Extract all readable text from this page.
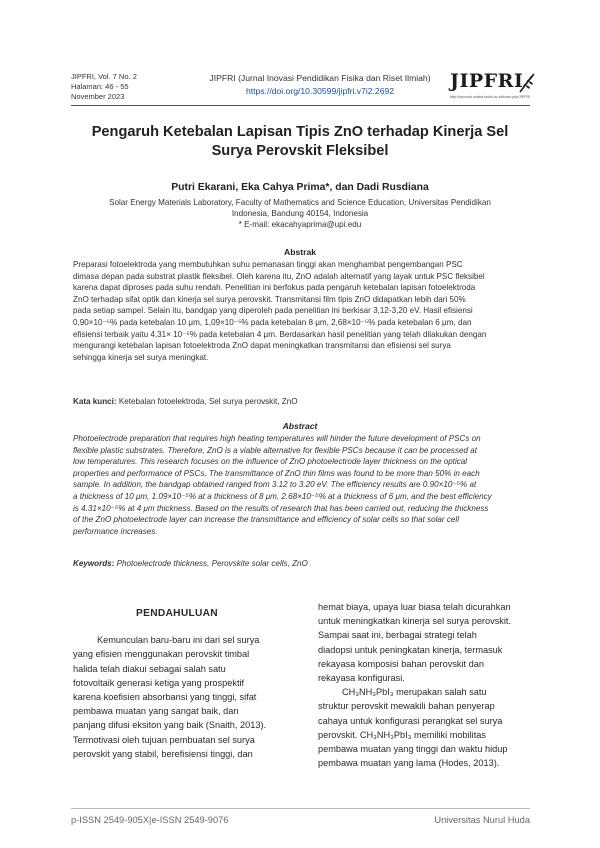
JIPFRI, Vol. 7 No. 2
Halaman: 46 - 55
November 2023
JIPFRI (Jurnal Inovasi Pendidikan Fisika dan Riset Ilmiah)
https://doi.org/10.30599/jipfri.v7i2.2692	JIPFRI
http://ejournal.uniska-kediri.ac.id/index.php/JIPFRI
Pengaruh Ketebalan Lapisan Tipis ZnO terhadap Kinerja Sel Surya Perovskit Fleksibel
Putri Ekarani, Eka Cahya Prima*, dan Dadi Rusdiana
Solar Energy Materials Laboratory, Faculty of Mathematics and Science Education, Universitas Pendidikan
Indonesia, Bandung 40154, Indonesia
* E-mail: ekacahyaprima@upi.edu
Abstrak
Preparasi fotoelektroda yang membutuhkan suhu pemanasan tinggi akan menghambat pengembangan PSC
dimasa depan pada substrat plastik fleksibel. Oleh karena itu, ZnO adalah alternatif yang layak untuk PSC fleksibel
karena dapat diproses pada suhu rendah. Penelitian ini berfokus pada pengaruh ketebalan lapisan fotoelektroda
ZnO terhadap sifat optik dan kinerja sel surya perovskit. Transmitansi film tipis ZnO didapatkan lebih dari 50%
pada setiap sampel. Selain itu, bandgap yang diperoleh pada penelitian ini berkisar 3,12-3,20 eV. Hasil efisiensi
0,90×10⁻⁵% pada ketebalan 10 μm, 1,09×10⁻⁵% pada ketebalan 8 μm, 2,68×10⁻⁵% pada ketebalan 6 μm, dan
efisiensi terbaik yaitu 4,31× 10⁻⁵% pada ketebalan 4 μm. Berdasarkan hasil penelitian yang telah dilakukan dengan
mengurangi ketebalan lapisan fotoelektroda ZnO dapat meningkatkan transmitansi dan efisiensi sel surya
sehingga kinerja sel surya meningkat.
Kata kunci: Ketebalan fotoelektroda, Sel surya perovskit, ZnO
Abstract
Photoelectrode preparation that requires high heating temperatures will hinder the future development of PSCs on
flexible plastic substrates. Therefore, ZnO is a viable alternative for flexible PSCs because it can be processed at
low temperatures. This research focuses on the influence of ZnO photoelectrode layer thickness on the optical
properties and performance of PSCs. The transmittance of ZnO thin films was found to be more than 50% in each
sample. In addition, the bandgap obtained ranged from 3.12 to 3.20 eV. The efficiency results are 0.90×10⁻⁵% at
a thickness of 10 μm, 1.09×10⁻⁵% at a thickness of 8 μm, 2.68×10⁻⁵% at a thickness of 6 μm, and the best efficiency
is 4.31×10⁻⁵% at 4 μm thickness. Based on the results of research that has been carried out, reducing the thickness
of the ZnO photoelectrode layer can increase the transmittance and efficiency of solar cells so that solar cell
performance increases.
Keywords: Photoelectrode thickness, Perovskite solar cells, ZnO
PENDAHULUAN

Kemunculan baru-baru ini dari sel surya

yang efisien menggunakan perovskit timbal

halida telah diakui sebagai salah satu

fotovoltaik generasi ketiga yang prospektif

karena koefisien absorbansi yang tinggi, sifat

pembawa muatan yang sangat baik, dan

panjang difusi eksiton yang baik (Snaith, 2013).

Termotivasi oleh tujuan pembuatan sel surya

perovskit yang stabil, berefisiensi tinggi, dan

hemat biaya, upaya luar biasa telah dicurahkan

untuk meningkatkan kinerja sel surya perovskit.

Sampai saat ini, berbagai strategi telah

diadopsi untuk peningkatan kinerja, termasuk

rekayasa komposisi bahan perovskit dan

rekayasa konfigurasi.

CH₃NH₃PbI₃ merupakan salah satu

struktur perovskit mewakili bahan penyerap

cahaya untuk konfigurasi perangkat sel surya

perovskit. CH₃NH₃PbI₃ memiliki mobilitas

pembawa muatan yang tinggi dan waktu hidup

pembawa muatan yang lama (Hodes, 2013).

p-ISSN 2549-905X|e-ISSN 2549-9076	Universitas Nurul Huda
